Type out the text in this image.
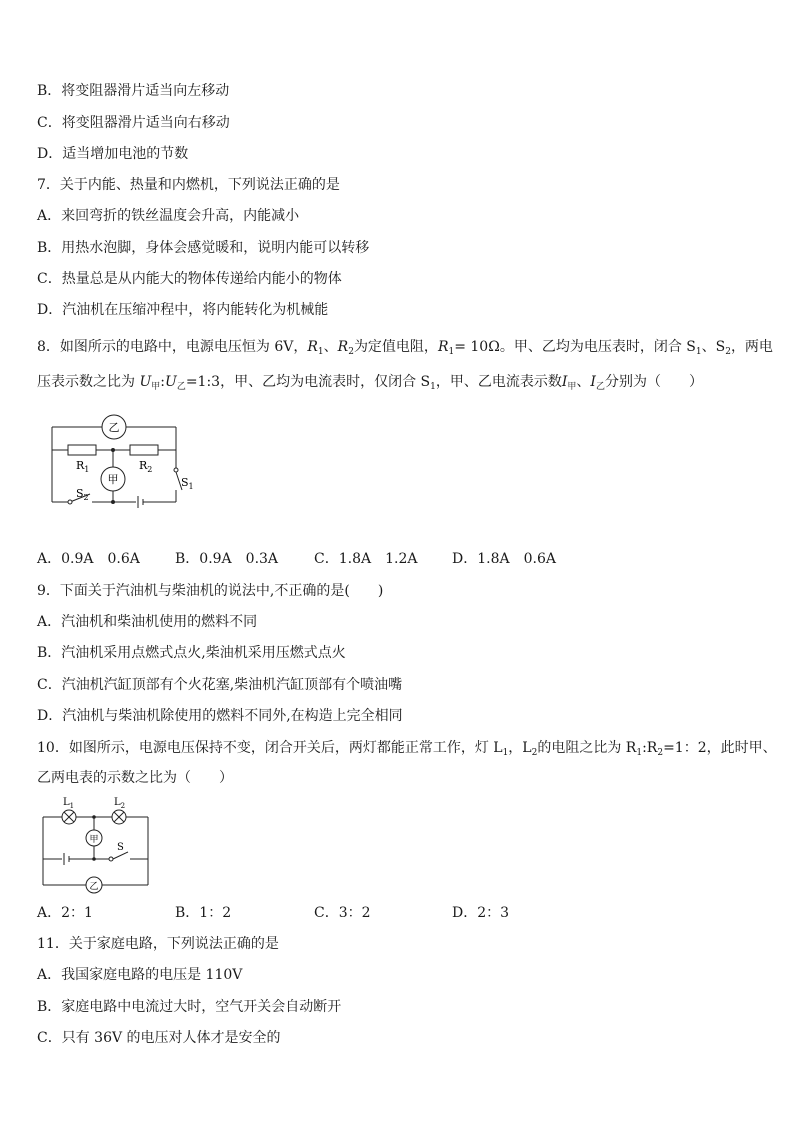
B．将变阻器滑片适当向左移动
C．将变阻器滑片适当向右移动
D．适当增加电池的节数
7．关于内能、热量和内燃机，下列说法正确的是
A．来回弯折的铁丝温度会升高，内能减小
B．用热水泡脚，身体会感觉暖和，说明内能可以转移
C．热量总是从内能大的物体传递给内能小的物体
D．汽油机在压缩冲程中，将内能转化为机械能
8．如图所示的电路中，电源电压恒为 6V，$R_1$、$R_2$为定值电阻，$R_1= 10\Omega$。甲、乙均为电压表时，闭合 $S_1$、$S_2$，两电
压表示数之比为 $U_甲:U_乙=1:3$，甲、乙均为电流表时，仅闭合 $S_1$，甲、乙电流表示数$I_甲$、$I_乙$分别为（　　）
乙
甲
$R_1$	$R_2$
$S_1$
$S_2$
A．0.9A　0.6A	B．0.9A　0.3A	C．1.8A　1.2A D．1.8A　0.6A
9．下面关于汽油机与柴油机的说法中,不正确的是(　　)
A．汽油机和柴油机使用的燃料不同
B．汽油机采用点燃式点火,柴油机采用压燃式点火
C．汽油机汽缸顶部有个火花塞,柴油机汽缸顶部有个喷油嘴
D．汽油机与柴油机除使用的燃料不同外,在构造上完全相同
10．如图所示，电源电压保持不变，闭合开关后，两灯都能正常工作，灯 $L_1$，$L_2$的电阻之比为 $R_1:R_2=1$：2，此时甲、
乙两电表的示数之比为（　　）
$L_1$	$L_2$
甲
乙
S
A．2：1	B．1：2	C．3：2	D．2：3
11．关于家庭电路，下列说法正确的是
A．我国家庭电路的电压是 110V
B．家庭电路中电流过大时，空气开关会自动断开
C．只有 36V 的电压对人体才是安全的
